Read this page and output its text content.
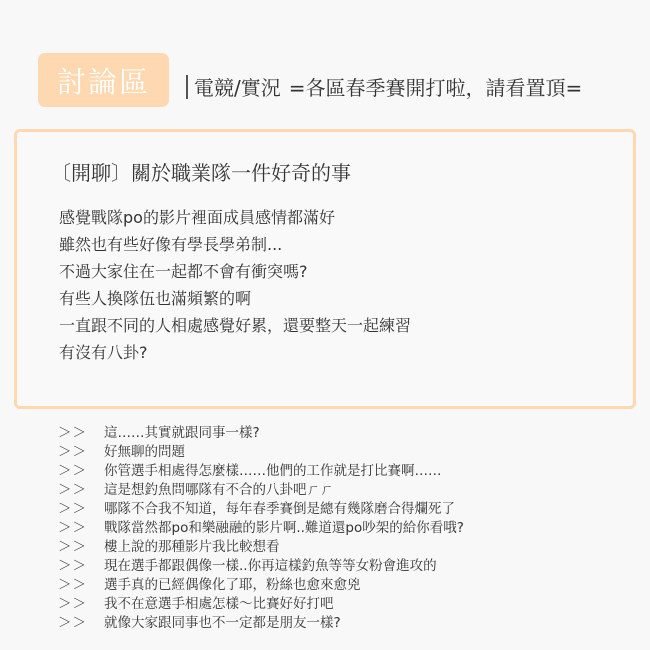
討論區	電競/實況 =各區春季賽開打啦，請看置頂=
〔開聊〕關於職業隊一件好奇的事
感覺戰隊po的影片裡面成員感情都滿好
雖然也有些好像有學長學弟制...
不過大家住在一起都不會有衝突嗎?
有些人換隊伍也滿頻繁的啊
一直跟不同的人相處感覺好累，還要整天一起練習
有沒有八卦?
＞＞	這……其實就跟同事一樣?
＞＞	好無聊的問題
＞＞	你管選手相處得怎麼樣……他們的工作就是打比賽啊……
＞＞	這是想釣魚問哪隊有不合的八卦吧ㄏㄏ
＞＞	哪隊不合我不知道，每年春季賽倒是總有幾隊磨合得爛死了
＞＞	戰隊當然都po和樂融融的影片啊..難道還po吵架的給你看哦?
＞＞	樓上說的那種影片我比較想看
＞＞	現在選手都跟偶像一樣..你再這樣釣魚等等女粉會進攻的
＞＞	選手真的已經偶像化了耶，粉絲也愈來愈兇
＞＞	我不在意選手相處怎樣～比賽好好打吧
＞＞	就像大家跟同事也不一定都是朋友一樣?
